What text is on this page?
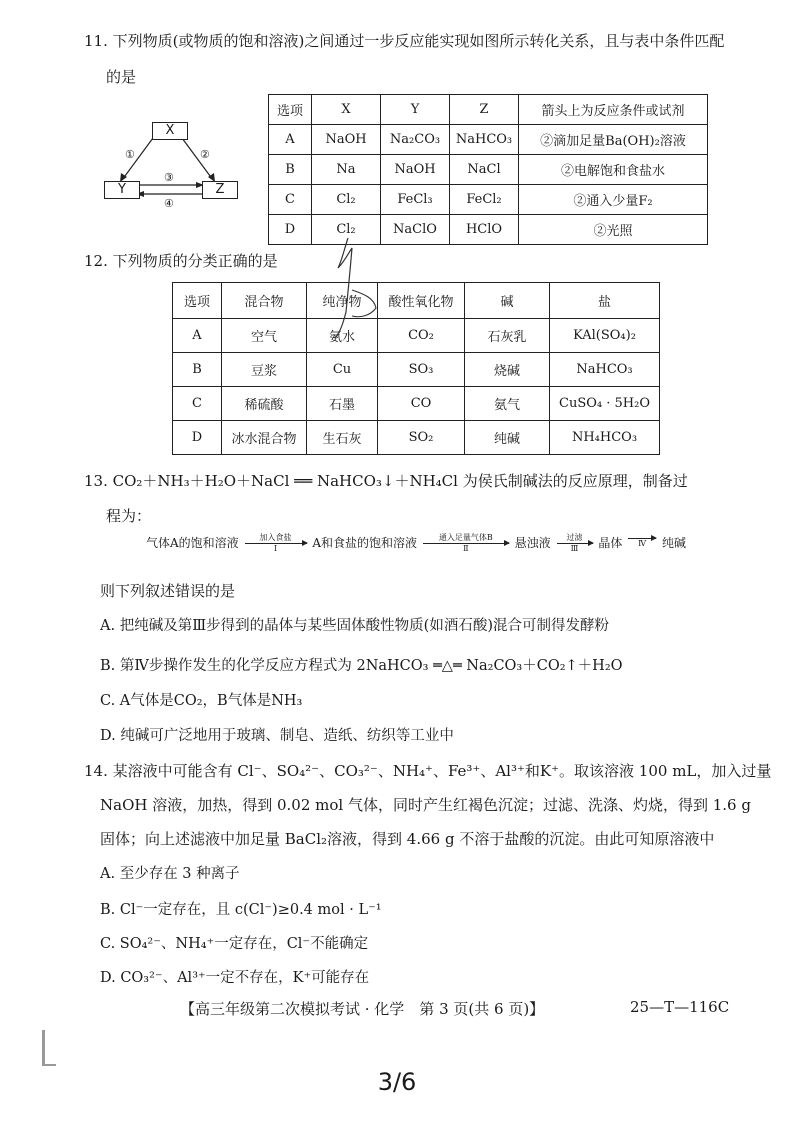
11. 下列物质(或物质的饱和溶液)之间通过一步反应能实现如图所示转化关系，且与表中条件匹配
的是
X
Y	Z
①	②
③
④
选项	X	Y	Z	箭头上为反应条件或试剂
A	NaOH	Na₂CO₃	NaHCO₃	②滴加足量Ba(OH)₂溶液
B	Na	NaOH	NaCl	②电解饱和食盐水
C	Cl₂	FeCl₃	FeCl₂	②通入少量F₂
D	Cl₂	NaClO	HClO	②光照
12. 下列物质的分类正确的是
选项	混合物	纯净物	酸性氧化物	碱	盐
A	空气	氨水	CO₂	石灰乳	KAl(SO₄)₂
B	豆浆	Cu	SO₃	烧碱	NaHCO₃
C	稀硫酸	石墨	CO	氨气	CuSO₄ · 5H₂O
D	冰水混合物	生石灰	SO₂	纯碱	NH₄HCO₃
13. CO₂＋NH₃＋H₂O＋NaCl ══ NaHCO₃↓＋NH₄Cl 为侯氏制碱法的反应原理，制备过
程为：
气体A的饱和溶液	加入食盐
Ⅰ	A和食盐的饱和溶液	通入足量气体B
Ⅱ	悬浊液	过滤
Ⅲ	晶体	Ⅳ	纯碱
则下列叙述错误的是
A. 把纯碱及第Ⅲ步得到的晶体与某些固体酸性物质(如酒石酸)混合可制得发酵粉
B. 第Ⅳ步操作发生的化学反应方程式为 2NaHCO₃ ═△═ Na₂CO₃＋CO₂↑＋H₂O
C. A气体是CO₂，B气体是NH₃
D. 纯碱可广泛地用于玻璃、制皂、造纸、纺织等工业中
14. 某溶液中可能含有 Cl⁻、SO₄²⁻、CO₃²⁻、NH₄⁺、Fe³⁺、Al³⁺和K⁺。取该溶液 100 mL，加入过量
NaOH 溶液，加热，得到 0.02 mol 气体，同时产生红褐色沉淀；过滤、洗涤、灼烧，得到 1.6 g
固体；向上述滤液中加足量 BaCl₂溶液，得到 4.66 g 不溶于盐酸的沉淀。由此可知原溶液中
A. 至少存在 3 种离子
B. Cl⁻一定存在，且 c(Cl⁻)≥0.4 mol · L⁻¹
C. SO₄²⁻、NH₄⁺一定存在，Cl⁻不能确定
D. CO₃²⁻、Al³⁺一定不存在，K⁺可能存在
【高三年级第二次模拟考试 · 化学　第 3 页(共 6 页)】	25—T—116C
3/6
